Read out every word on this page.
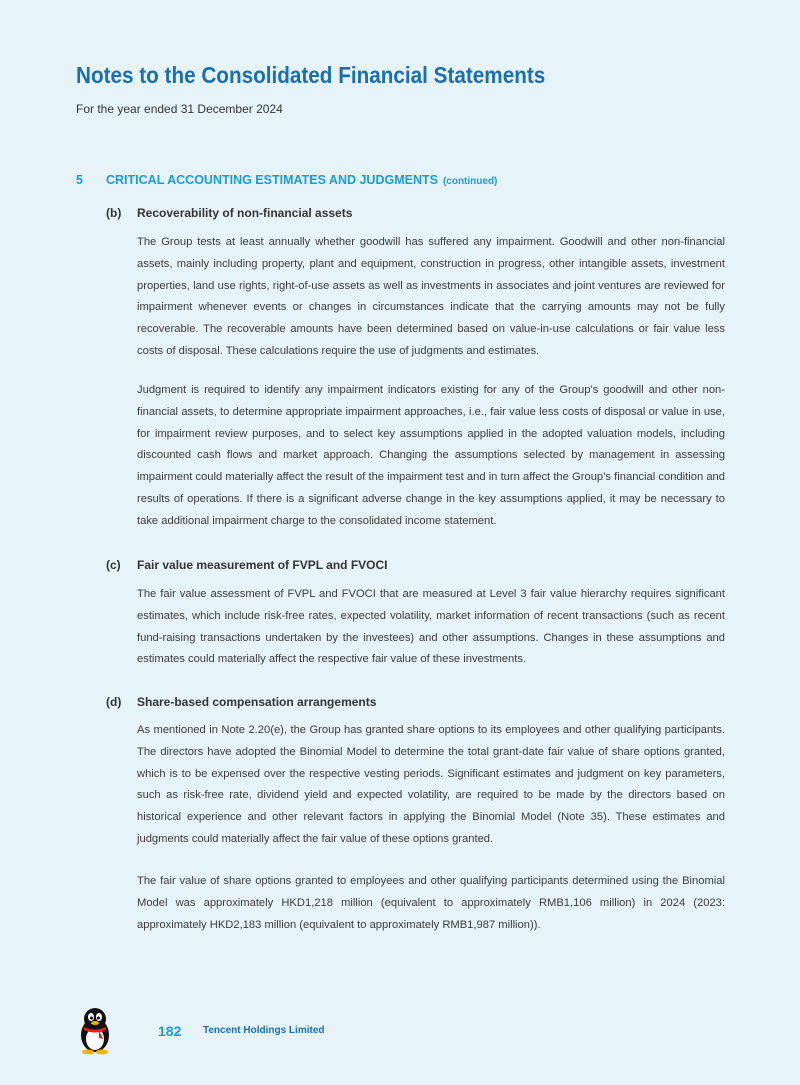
Notes to the Consolidated Financial Statements
For the year ended 31 December 2024
5	CRITICAL ACCOUNTING ESTIMATES AND JUDGMENTS (continued)
(b)	Recoverability of non-financial assets

The Group tests at least annually whether goodwill has suffered any impairment. Goodwill and other non-financial assets, mainly including property, plant and equipment, construction in progress, other intangible assets, investment properties, land use rights, right-of-use assets as well as investments in associates and joint ventures are reviewed for impairment whenever events or changes in circumstances indicate that the carrying amounts may not be fully recoverable. The recoverable amounts have been determined based on value-in-use calculations or fair value less costs of disposal. These calculations require the use of judgments and estimates.

Judgment is required to identify any impairment indicators existing for any of the Group’s goodwill and other non-financial assets, to determine appropriate impairment approaches, i.e., fair value less costs of disposal or value in use, for impairment review purposes, and to select key assumptions applied in the adopted valuation models, including discounted cash flows and market approach. Changing the assumptions selected by management in assessing impairment could materially affect the result of the impairment test and in turn affect the Group’s financial condition and results of operations. If there is a significant adverse change in the key assumptions applied, it may be necessary to take additional impairment charge to the consolidated income statement.

(c)	Fair value measurement of FVPL and FVOCI

The fair value assessment of FVPL and FVOCI that are measured at Level 3 fair value hierarchy requires significant estimates, which include risk-free rates, expected volatility, market information of recent transactions (such as recent fund-raising transactions undertaken by the investees) and other assumptions. Changes in these assumptions and estimates could materially affect the respective fair value of these investments.

(d)	Share-based compensation arrangements

As mentioned in Note 2.20(e), the Group has granted share options to its employees and other qualifying participants. The directors have adopted the Binomial Model to determine the total grant-date fair value of share options granted, which is to be expensed over the respective vesting periods. Significant estimates and judgment on key parameters, such as risk-free rate, dividend yield and expected volatility, are required to be made by the directors based on historical experience and other relevant factors in applying the Binomial Model (Note 35). These estimates and judgments could materially affect the fair value of these options granted.

The fair value of share options granted to employees and other qualifying participants determined using the Binomial Model was approximately HKD1,218 million (equivalent to approximately RMB1,106 million) in 2024 (2023: approximately HKD2,183 million (equivalent to approximately RMB1,987 million)).

182 Tencent Holdings Limited
